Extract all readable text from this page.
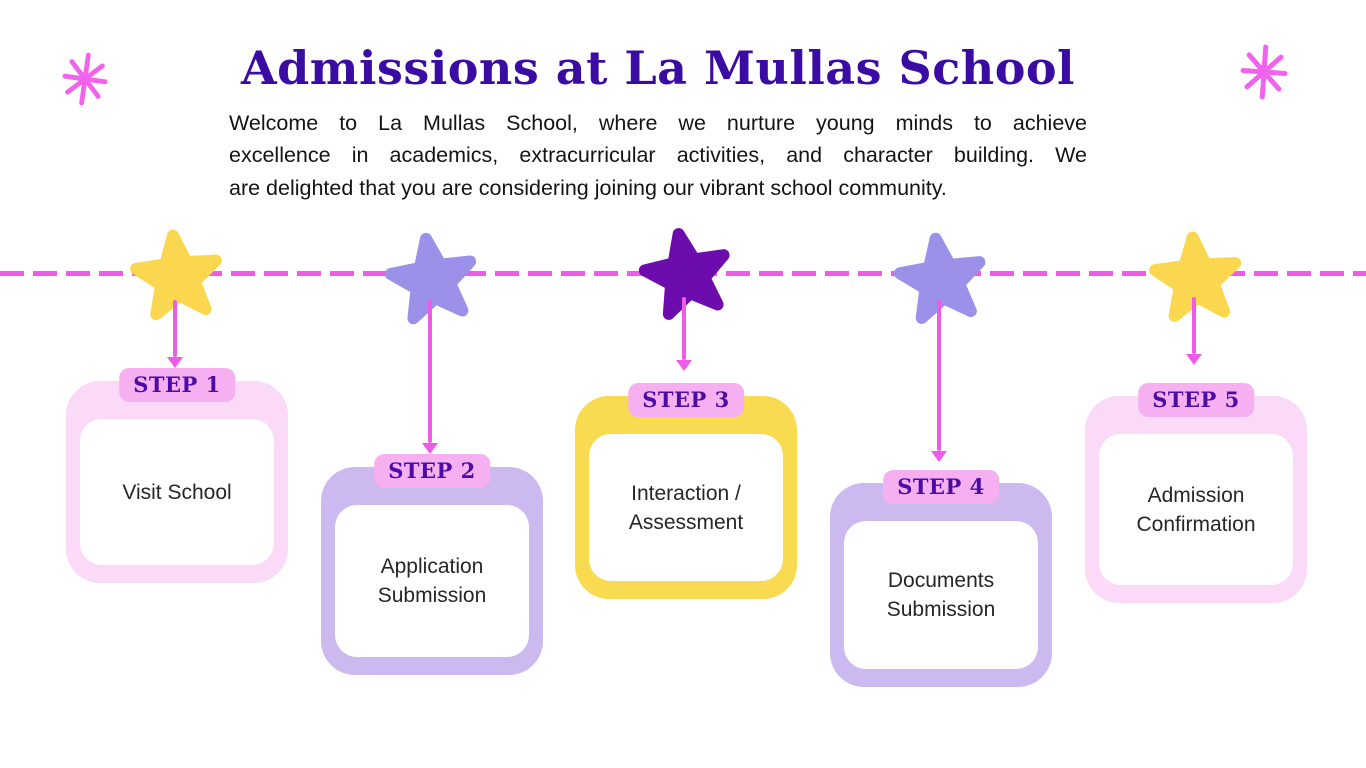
Admissions at La Mullas School
Welcome to La Mullas School, where we nurture young minds to achieve
excellence in academics, extracurricular activities, and character building. We
are delighted that you are considering joining our vibrant school community.
STEP 1
Visit School
STEP 2
Application Submission
STEP 3
Interaction / Assessment
STEP 4
Documents Submission
STEP 5
Admission Confirmation
